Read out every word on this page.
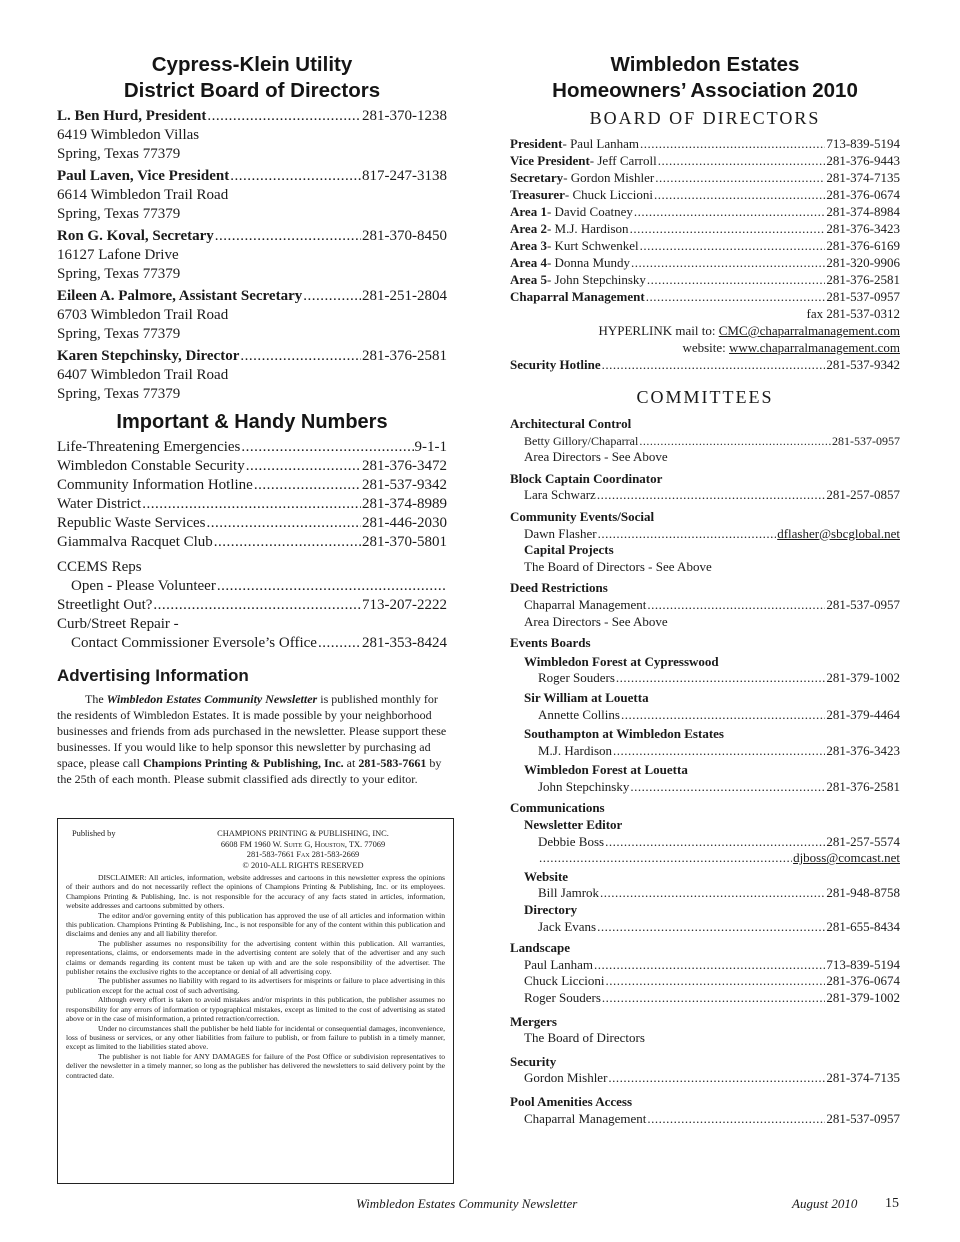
Cypress-Klein Utility
District Board of Directors
L. Ben Hurd, President .....	281-370-1238
6419 Wimbledon Villas
Spring, Texas 77379
Paul Laven, Vice President .....	817-247-3138
6614 Wimbledon Trail Road
Spring, Texas 77379
Ron G. Koval, Secretary .....	281-370-8450
16127 Lafone Drive
Spring, Texas 77379
Eileen A. Palmore, Assistant Secretary .....	281-251-2804
6703 Wimbledon Trail Road
Spring, Texas 77379
Karen Stepchinsky, Director .....	281-376-2581
6407 Wimbledon Trail Road
Spring, Texas 77379
Important & Handy Numbers
Life-Threatening Emergencies .....	9-1-1
Wimbledon Constable Security .....	281-376-3472
Community Information Hotline .....	281-537-9342
Water District .....	281-374-8989
Republic Waste Services .....	281-446-2030
Giammalva Racquet Club .....	281-370-5801
CCEMS Reps
Open - Please Volunteer
.....
Streetlight Out? .....	713-207-2222
Curb/Street Repair -
Contact Commissioner Eversole’s Office .....	281-353-8424
Advertising Information

The Wimbledon Estates Community Newsletter is published monthly for the residents of Wimbledon Estates. It is made possible by your neighborhood businesses and friends from ads purchased in the newsletter. Please support these businesses. If you would like to help sponsor this newsletter by purchasing ad space, please call Champions Printing & Publishing, Inc. at 281-583-7661 by the 25th of each month. Please submit classified ads directly to your editor.

Published by	CHAMPIONS PRINTING & PUBLISHING, INC.
6608 FM 1960 W. Suite G, Houston, TX. 77069
281-583-7661 Fax 281-583-2669
© 2010-ALL RIGHTS RESERVED

DISCLAIMER: All articles, information, website addresses and cartoons in this newsletter express the opinions of their authors and do not necessarily reflect the opinions of Champions Printing & Publishing, Inc. or its employees. Champions Printing & Publishing, Inc. is not responsible for the accuracy of any facts stated in articles, information, website addresses and cartoons submitted by others.

The editor and/or governing entity of this publication has approved the use of all articles and information within this publication. Champions Printing & Publishing, Inc., is not responsible for any of the content within this publication and disclaims and denies any and all liability therefor.

The publisher assumes no responsibility for the advertising content within this publication. All warranties, representations, claims, or endorsements made in the advertising content are solely that of the advertiser and any such claims or demands regarding its content must be taken up with and are the sole responsibility of the advertiser. The publisher retains the exclusive rights to the acceptance or denial of all advertising copy.

The publisher assumes no liability with regard to its advertisers for misprints or failure to place advertising in this publication except for the actual cost of such advertising.

Although every effort is taken to avoid mistakes and/or misprints in this publication, the publisher assumes no responsibility for any errors of information or typographical mistakes, except as limited to the cost of advertising as stated above or in the case of misinformation, a printed retraction/correction.

Under no circumstances shall the publisher be held liable for incidental or consequential damages, inconvenience, loss of business or services, or any other liabilities from failure to publish, or from failure to publish in a timely manner, except as limited to the liabilities stated above.

The publisher is not liable for ANY DAMAGES for failure of the Post Office or subdivision representatives to deliver the newsletter in a timely manner, so long as the publisher has delivered the newsletters to said delivery point by the contracted date.

Wimbledon Estates
Homeowners’ Association 2010
BOARD OF DIRECTORS
President - Paul Lanham .....	713-839-5194
Vice President - Jeff Carroll .....	281-376-9443
Secretary - Gordon Mishler .....	281-374-7135
Treasurer - Chuck Liccioni .....	281-376-0674
Area 1 - David Coatney .....	281-374-8984
Area 2 - M.J. Hardison .....	281-376-3423
Area 3 - Kurt Schwenkel .....	281-376-6169
Area 4 - Donna Mundy .....	281-320-9906
Area 5 - John Stepchinsky .....	281-376-2581
Chaparral Management .....	281-537-0957
fax 281-537-0312
HYPERLINK mail to: CMC@chaparralmanagement.com
website: www.chaparralmanagement.com
Security Hotline .....	281-537-9342
COMMITTEES
Architectural Control
Betty Gillory/Chaparral .....	281-537-0957
Area Directors - See Above
Block Captain Coordinator
Lara Schwarz .....	281-257-0857
Community Events/Social
Dawn Flasher .....	dflasher@sbcglobal.net
Capital Projects
The Board of Directors - See Above
Deed Restrictions
Chaparral Management .....	281-537-0957
Area Directors - See Above
Events Boards
Wimbledon Forest at Cypresswood
Roger Souders .....	281-379-1002
Sir William at Louetta
Annette Collins .....	281-379-4464
Southampton at Wimbledon Estates
M.J. Hardison .....	281-376-3423
Wimbledon Forest at Louetta
John Stepchinsky .....	281-376-2581
Communications
Newsletter Editor
Debbie Boss .....	281-257-5574
.....
djboss@comcast.net
Website
Bill Jamrok .....	281-948-8758
Directory
Jack Evans .....	281-655-8434
Landscape
Paul Lanham .....	713-839-5194
Chuck Liccioni .....	281-376-0674
Roger Souders .....	281-379-1002
Mergers
The Board of Directors
Security
Gordon Mishler .....	281-374-7135
Pool Amenities Access
Chaparral Management .....	281-537-0957
Wimbledon Estates Community Newsletter	August 2010 15
